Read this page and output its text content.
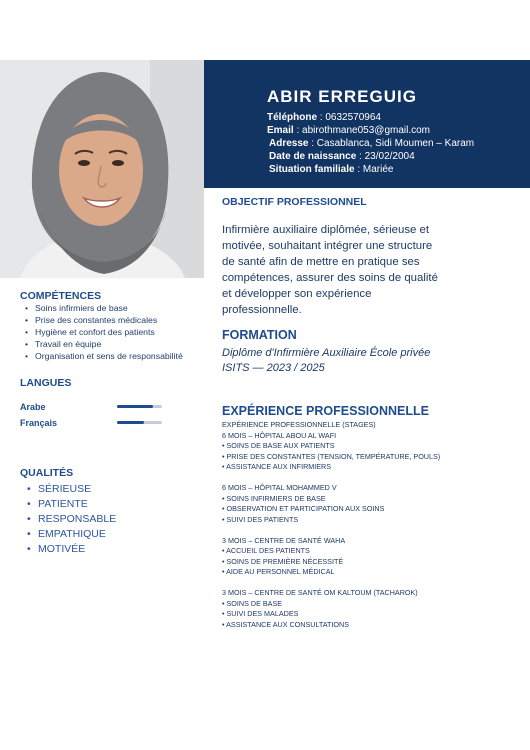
ABIR ERREGUIG
Téléphone : 0632570964
Email : abirothmane053@gmail.com
Adresse : Casablanca, Sidi Moumen – Karam
Date de naissance : 23/02/2004
Situation familiale : Mariée
COMPÉTENCES
• Soins infirmiers de base
• Prise des constantes médicales
• Hygiène et confort des patients
• Travail en équipe
• Organisation et sens de responsabilité
LANGUES
Arabe
Français
QUALITÉS
• SÉRIEUSE
• PATIENTE
• RESPONSABLE
• EMPATHIQUE
• MOTIVÉE
OBJECTIF PROFESSIONNEL
Infirmière auxiliaire diplômée, sérieuse et motivée, souhaitant intégrer une structure de santé afin de mettre en pratique ses compétences, assurer des soins de qualité et développer son expérience professionnelle.
FORMATION
Diplôme d'Infirmière Auxiliaire École privée ISITS — 2023 / 2025
EXPÉRIENCE PROFESSIONNELLE
EXPÉRIENCE PROFESSIONNELLE (STAGES)
6 MOIS – HÔPITAL ABOU AL WAFI
• SOINS DE BASE AUX PATIENTS
• PRISE DES CONSTANTES (TENSION, TEMPÉRATURE, POULS)
• ASSISTANCE AUX INFIRMIERS
6 MOIS – HÔPITAL MOHAMMED V
• SOINS INFIRMIERS DE BASE
• OBSERVATION ET PARTICIPATION AUX SOINS
• SUIVI DES PATIENTS
3 MOIS – CENTRE DE SANTÉ WAHA
• ACCUEIL DES PATIENTS
• SOINS DE PREMIÈRE NÉCESSITÉ
• AIDE AU PERSONNEL MÉDICAL
3 MOIS – CENTRE DE SANTÉ OM KALTOUM (TACHAROK)
• SOINS DE BASE
• SUIVI DES MALADES
• ASSISTANCE AUX CONSULTATIONS
